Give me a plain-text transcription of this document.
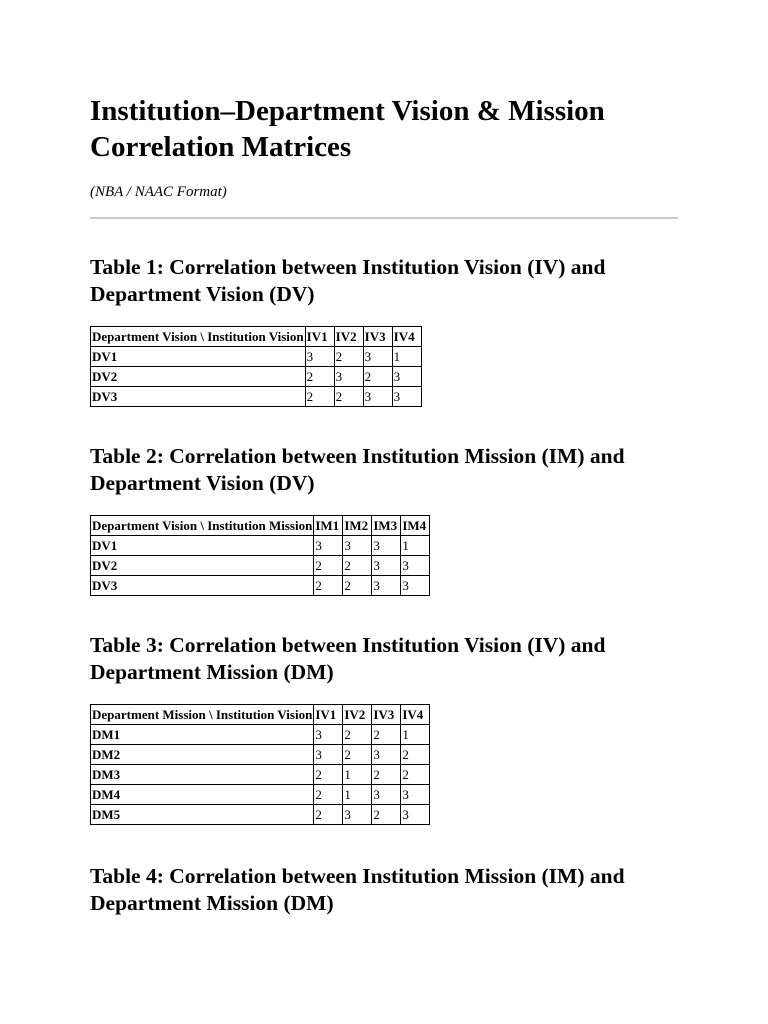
Institution–Department Vision & Mission Correlation Matrices
(NBA / NAAC Format)
Table 1: Correlation between Institution Vision (IV) and Department Vision (DV)
Department Vision \ Institution Vision	IV1	IV2	IV3	IV4
DV1	3	2	3	1
DV2	2	3	2	3
DV3	2	2	3	3
Table 2: Correlation between Institution Mission (IM) and Department Vision (DV)
Department Vision \ Institution Mission	IM1	IM2	IM3	IM4
DV1	3	3	3	1
DV2	2	2	3	3
DV3	2	2	3	3
Table 3: Correlation between Institution Vision (IV) and Department Mission (DM)
Department Mission \ Institution Vision	IV1	IV2	IV3	IV4
DM1	3	2	2	1
DM2	3	2	3	2
DM3	2	1	2	2
DM4	2	1	3	3
DM5	2	3	2	3
Table 4: Correlation between Institution Mission (IM) and Department Mission (DM)
